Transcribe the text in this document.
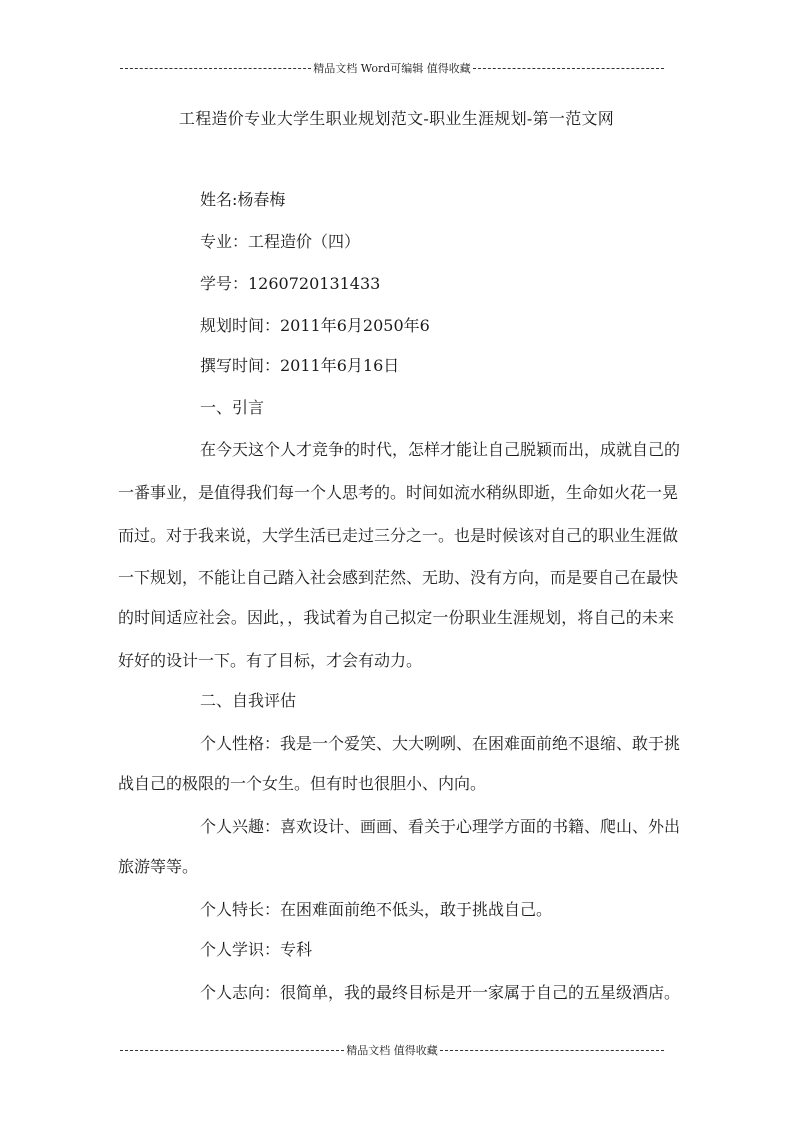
精品文档 Word可编辑 值得收藏
工程造价专业大学生职业规划范文-职业生涯规划-第一范文网
姓名:杨春梅
专业：工程造价（四）
学号：1260720131433
规划时间：2011年6月2050年6
撰写时间：2011年6月16日
一、引言
在今天这个人才竞争的时代，怎样才能让自己脱颖而出，成就自己的
一番事业，是值得我们每一个人思考的。时间如流水稍纵即逝，生命如火花一晃
而过。对于我来说，大学生活已走过三分之一。也是时候该对自己的职业生涯做
一下规划，不能让自己踏入社会感到茫然、无助、没有方向，而是要自己在最快
的时间适应社会。因此，，我试着为自己拟定一份职业生涯规划，将自己的未来
好好的设计一下。有了目标，才会有动力。
二、自我评估
个人性格：我是一个爱笑、大大咧咧、在困难面前绝不退缩、敢于挑
战自己的极限的一个女生。但有时也很胆小、内向。
个人兴趣：喜欢设计、画画、看关于心理学方面的书籍、爬山、外出
旅游等等。
个人特长：在困难面前绝不低头，敢于挑战自己。
个人学识：专科
个人志向：很简单，我的最终目标是开一家属于自己的五星级酒店。
精品文档 值得收藏
